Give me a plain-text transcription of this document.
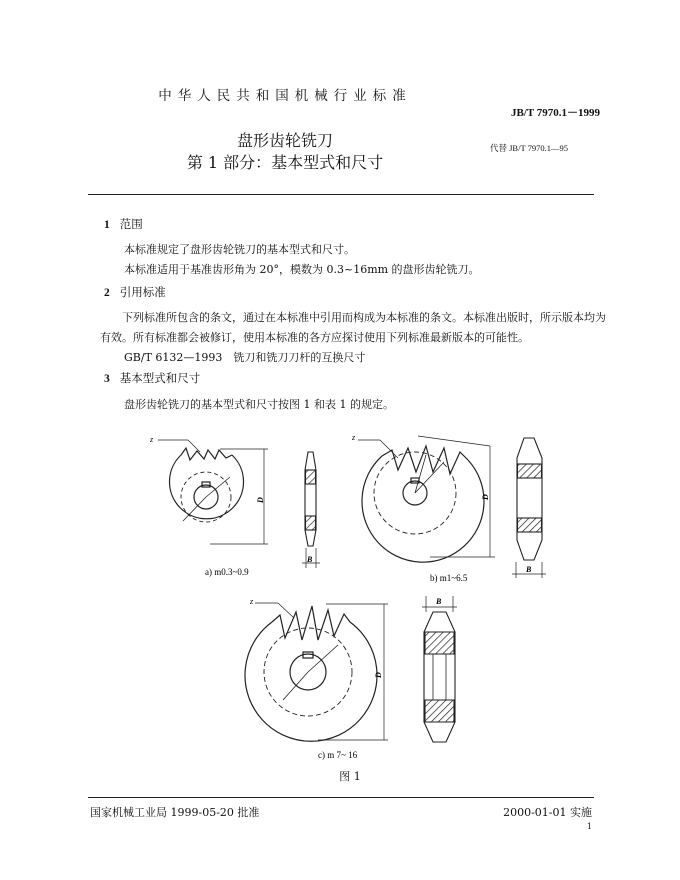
中华人民共和国机械行业标准
JB/T 7970.1－1999
盘形齿轮铣刀
第 1 部分：基本型式和尺寸
代替 JB/T 7970.1—95
1 范围
本标准规定了盘形齿轮铣刀的基本型式和尺寸。
本标准适用于基准齿形角为 20°，模数为 0.3~16mm 的盘形齿轮铣刀。
2 引用标准
下列标准所包含的条文，通过在本标准中引用而构成为本标准的条文。本标准出版时，所示版本均为有效。所有标准都会被修订，使用本标准的各方应探讨使用下列标准最新版本的可能性。
GB/T 6132—1993　铣刀和铣刀刀杆的互换尺寸
3 基本型式和尺寸
盘形齿轮铣刀的基本型式和尺寸按图 1 和表 1 的规定。
z
D
B
a) m0.3~0.9
z
D
B
b) m1~6.5
z
D
B
c) m 7~ 16
图 1
国家机械工业局 1999-05-20 批准	2000-01-01 实施
1
